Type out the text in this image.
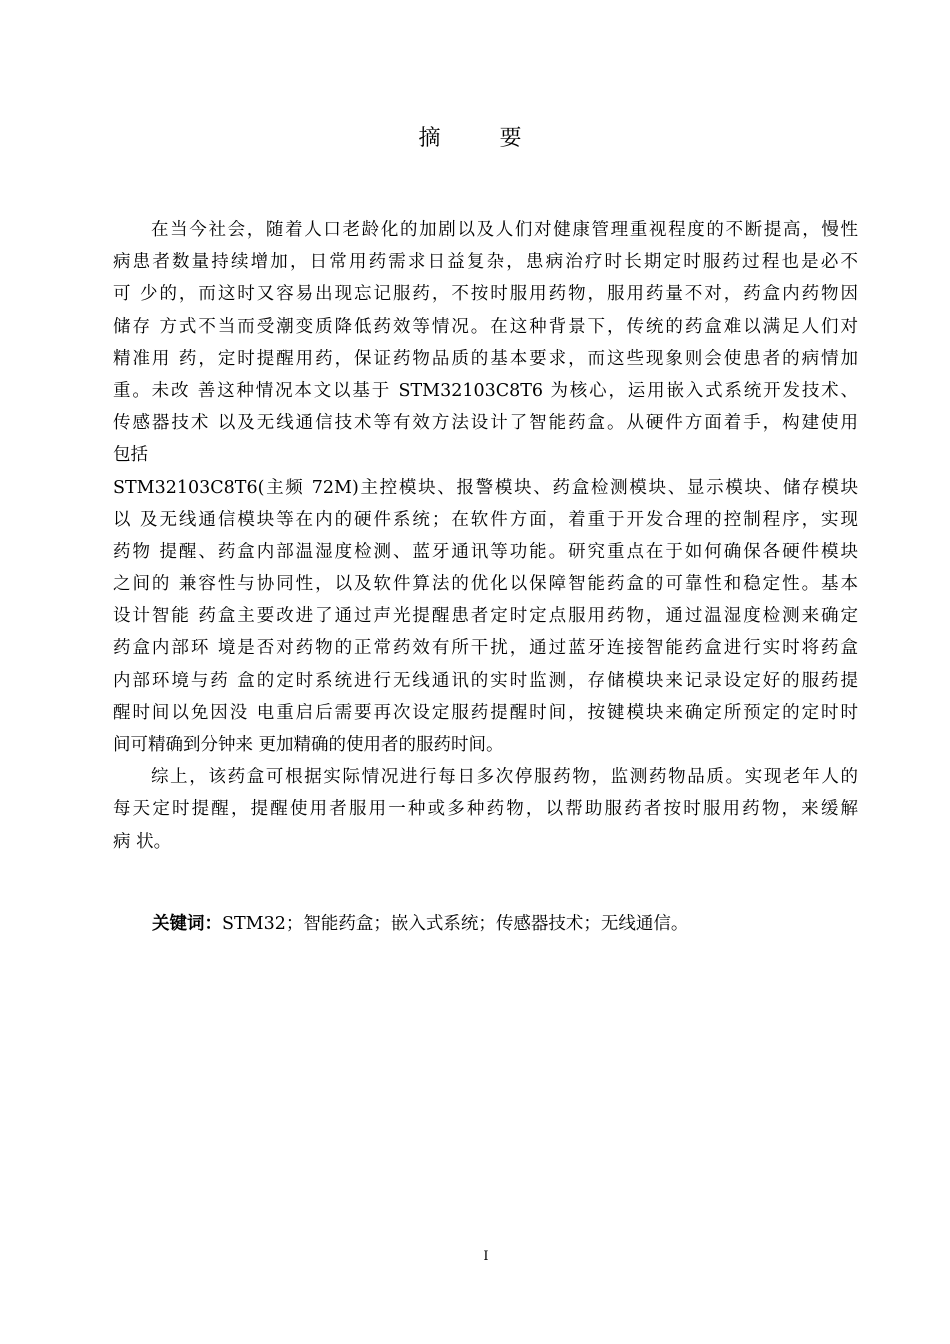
摘 要
在当今社会，随着人口老龄化的加剧以及人们对健康管理重视程度的不断提高，慢性
病患者数量持续增加，日常用药需求日益复杂，患病治疗时长期定时服药过程也是必不
可 少的，而这时又容易出现忘记服药，不按时服用药物，服用药量不对，药盒内药物因
储存 方式不当而受潮变质降低药效等情况。在这种背景下，传统的药盒难以满足人们对
精准用 药，定时提醒用药，保证药物品质的基本要求，而这些现象则会使患者的病情加
重。未改 善这种情况本文以基于 STM32103C8T6 为核心，运用嵌入式系统开发技术、
传感器技术 以及无线通信技术等有效方法设计了智能药盒。从硬件方面着手，构建使用
包括
STM32103C8T6(主频 72M)主控模块、报警模块、药盒检测模块、显示模块、储存模块
以 及无线通信模块等在内的硬件系统；在软件方面，着重于开发合理的控制程序，实现
药物 提醒、药盒内部温湿度检测、蓝牙通讯等功能。研究重点在于如何确保各硬件模块
之间的 兼容性与协同性，以及软件算法的优化以保障智能药盒的可靠性和稳定性。基本
设计智能 药盒主要改进了通过声光提醒患者定时定点服用药物，通过温湿度检测来确定
药盒内部环 境是否对药物的正常药效有所干扰，通过蓝牙连接智能药盒进行实时将药盒
内部环境与药 盒的定时系统进行无线通讯的实时监测，存储模块来记录设定好的服药提
醒时间以免因没 电重启后需要再次设定服药提醒时间，按键模块来确定所预定的定时时
间可精确到分钟来 更加精确的使用者的服药时间。
综上，该药盒可根据实际情况进行每日多次停服药物，监测药物品质。实现老年人的
每天定时提醒，提醒使用者服用一种或多种药物，以帮助服药者按时服用药物，来缓解
病 状。
关键词：STM32；智能药盒；嵌入式系统；传感器技术；无线通信。
I
